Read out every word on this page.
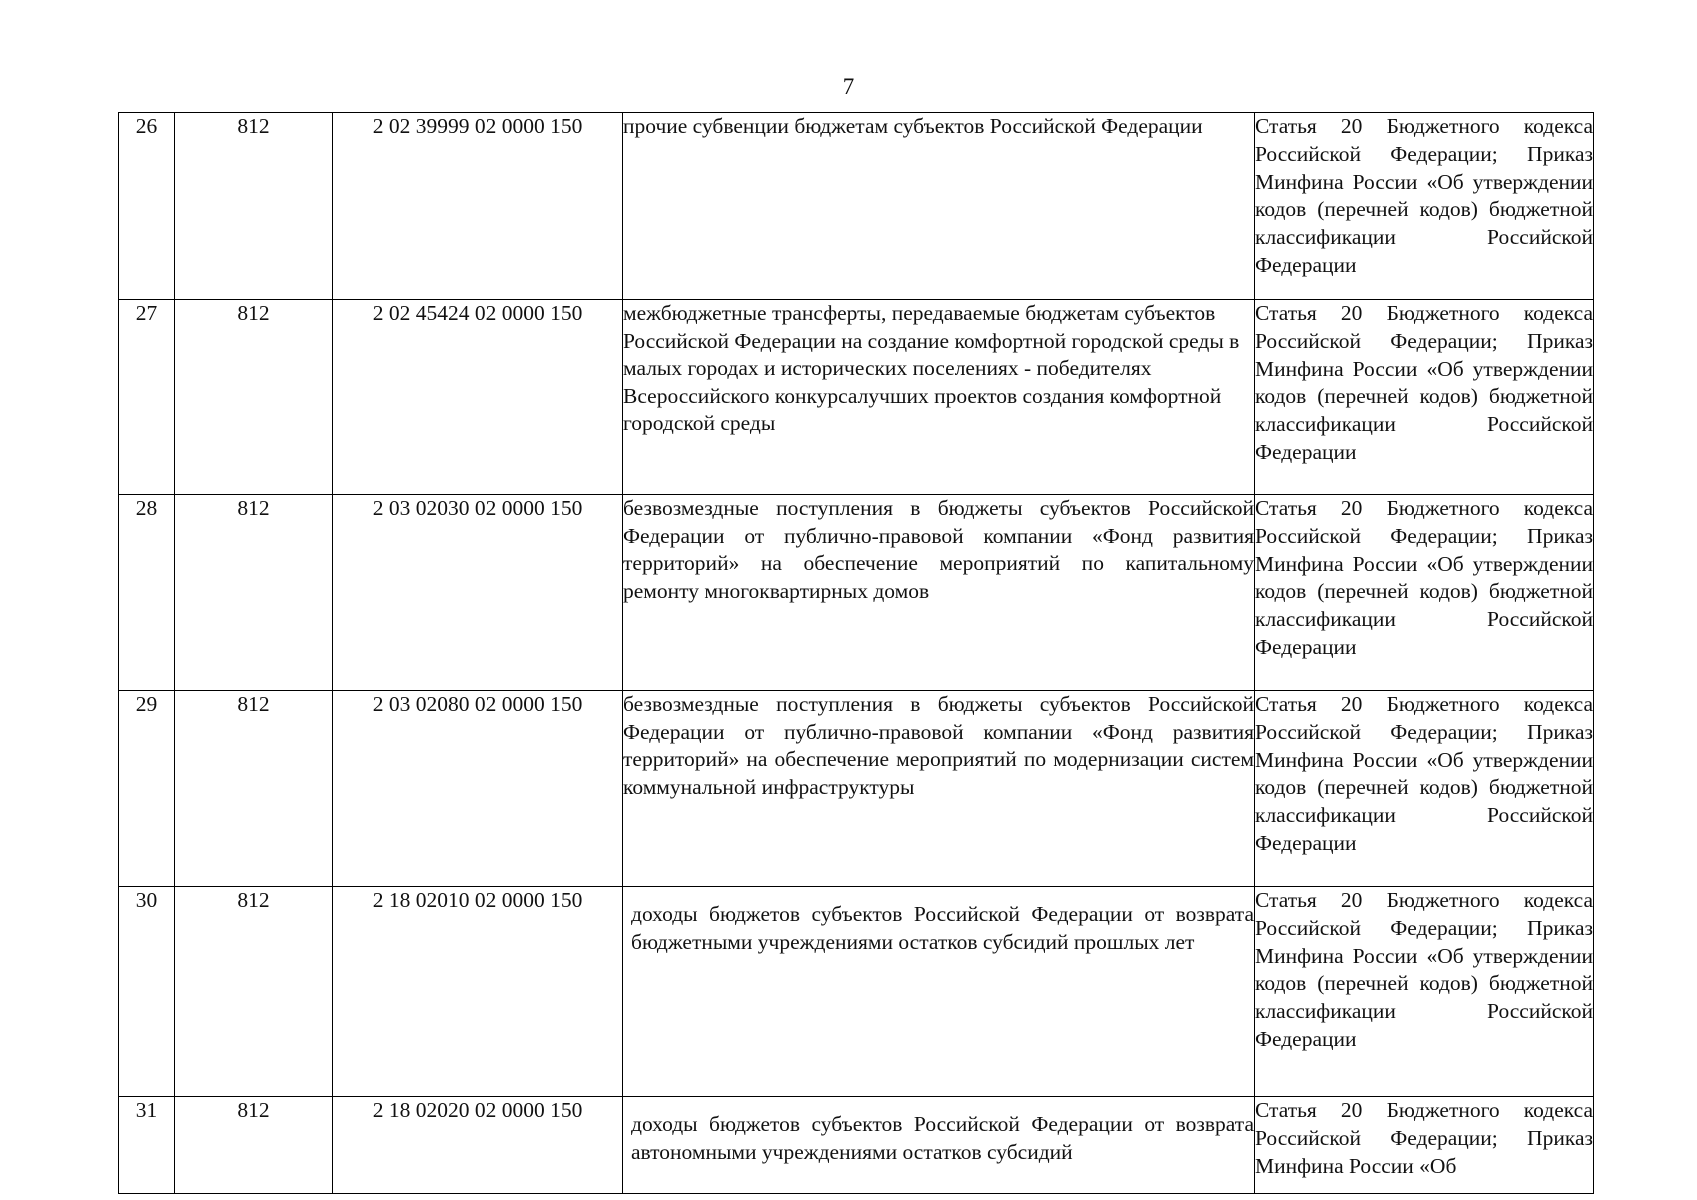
7
26	812	2 02 39999 02 0000 150	прочие субвенции бюджетам субъектов Российской Федерации	Статья 20 Бюджетного кодекса Российской Федерации; Приказ Минфина России «Об утверждении кодов (перечней кодов) бюджетной классификации Российской Федерации
27	812	2 02 45424 02 0000 150	межбюджетные трансферты, передаваемые бюджетам субъектов Российской Федерации на создание комфортной городской среды в малых городах и исторических поселениях - победителях Всероссийского конкурсалучших проектов создания комфортной городской среды	Статья 20 Бюджетного кодекса Российской Федерации; Приказ Минфина России «Об утверждении кодов (перечней кодов) бюджетной классификации Российской Федерации
28	812	2 03 02030 02 0000 150	безвозмездные поступления в бюджеты субъектов Российской Федерации от публично-правовой компании «Фонд развития территорий» на обеспечение мероприятий по капитальному ремонту многоквартирных домов	Статья 20 Бюджетного кодекса Российской Федерации; Приказ Минфина России «Об утверждении кодов (перечней кодов) бюджетной классификации Российской Федерации
29	812	2 03 02080 02 0000 150	безвозмездные поступления в бюджеты субъектов Российской Федерации от публично-правовой компании «Фонд развития территорий» на обеспечение мероприятий по модернизации систем коммунальной инфраструктуры	Статья 20 Бюджетного кодекса Российской Федерации; Приказ Минфина России «Об утверждении кодов (перечней кодов) бюджетной классификации Российской Федерации
30	812	2 18 02010 02 0000 150	доходы бюджетов субъектов Российской Федерации от возврата бюджетными учреждениями остатков субсидий прошлых лет	Статья 20 Бюджетного кодекса Российской Федерации; Приказ Минфина России «Об утверждении кодов (перечней кодов) бюджетной классификации Российской Федерации
31	812	2 18 02020 02 0000 150	доходы бюджетов субъектов Российской Федерации от возврата автономными учреждениями остатков субсидий	Статья 20 Бюджетного кодекса Российской Федерации; Приказ Минфина России «Об
